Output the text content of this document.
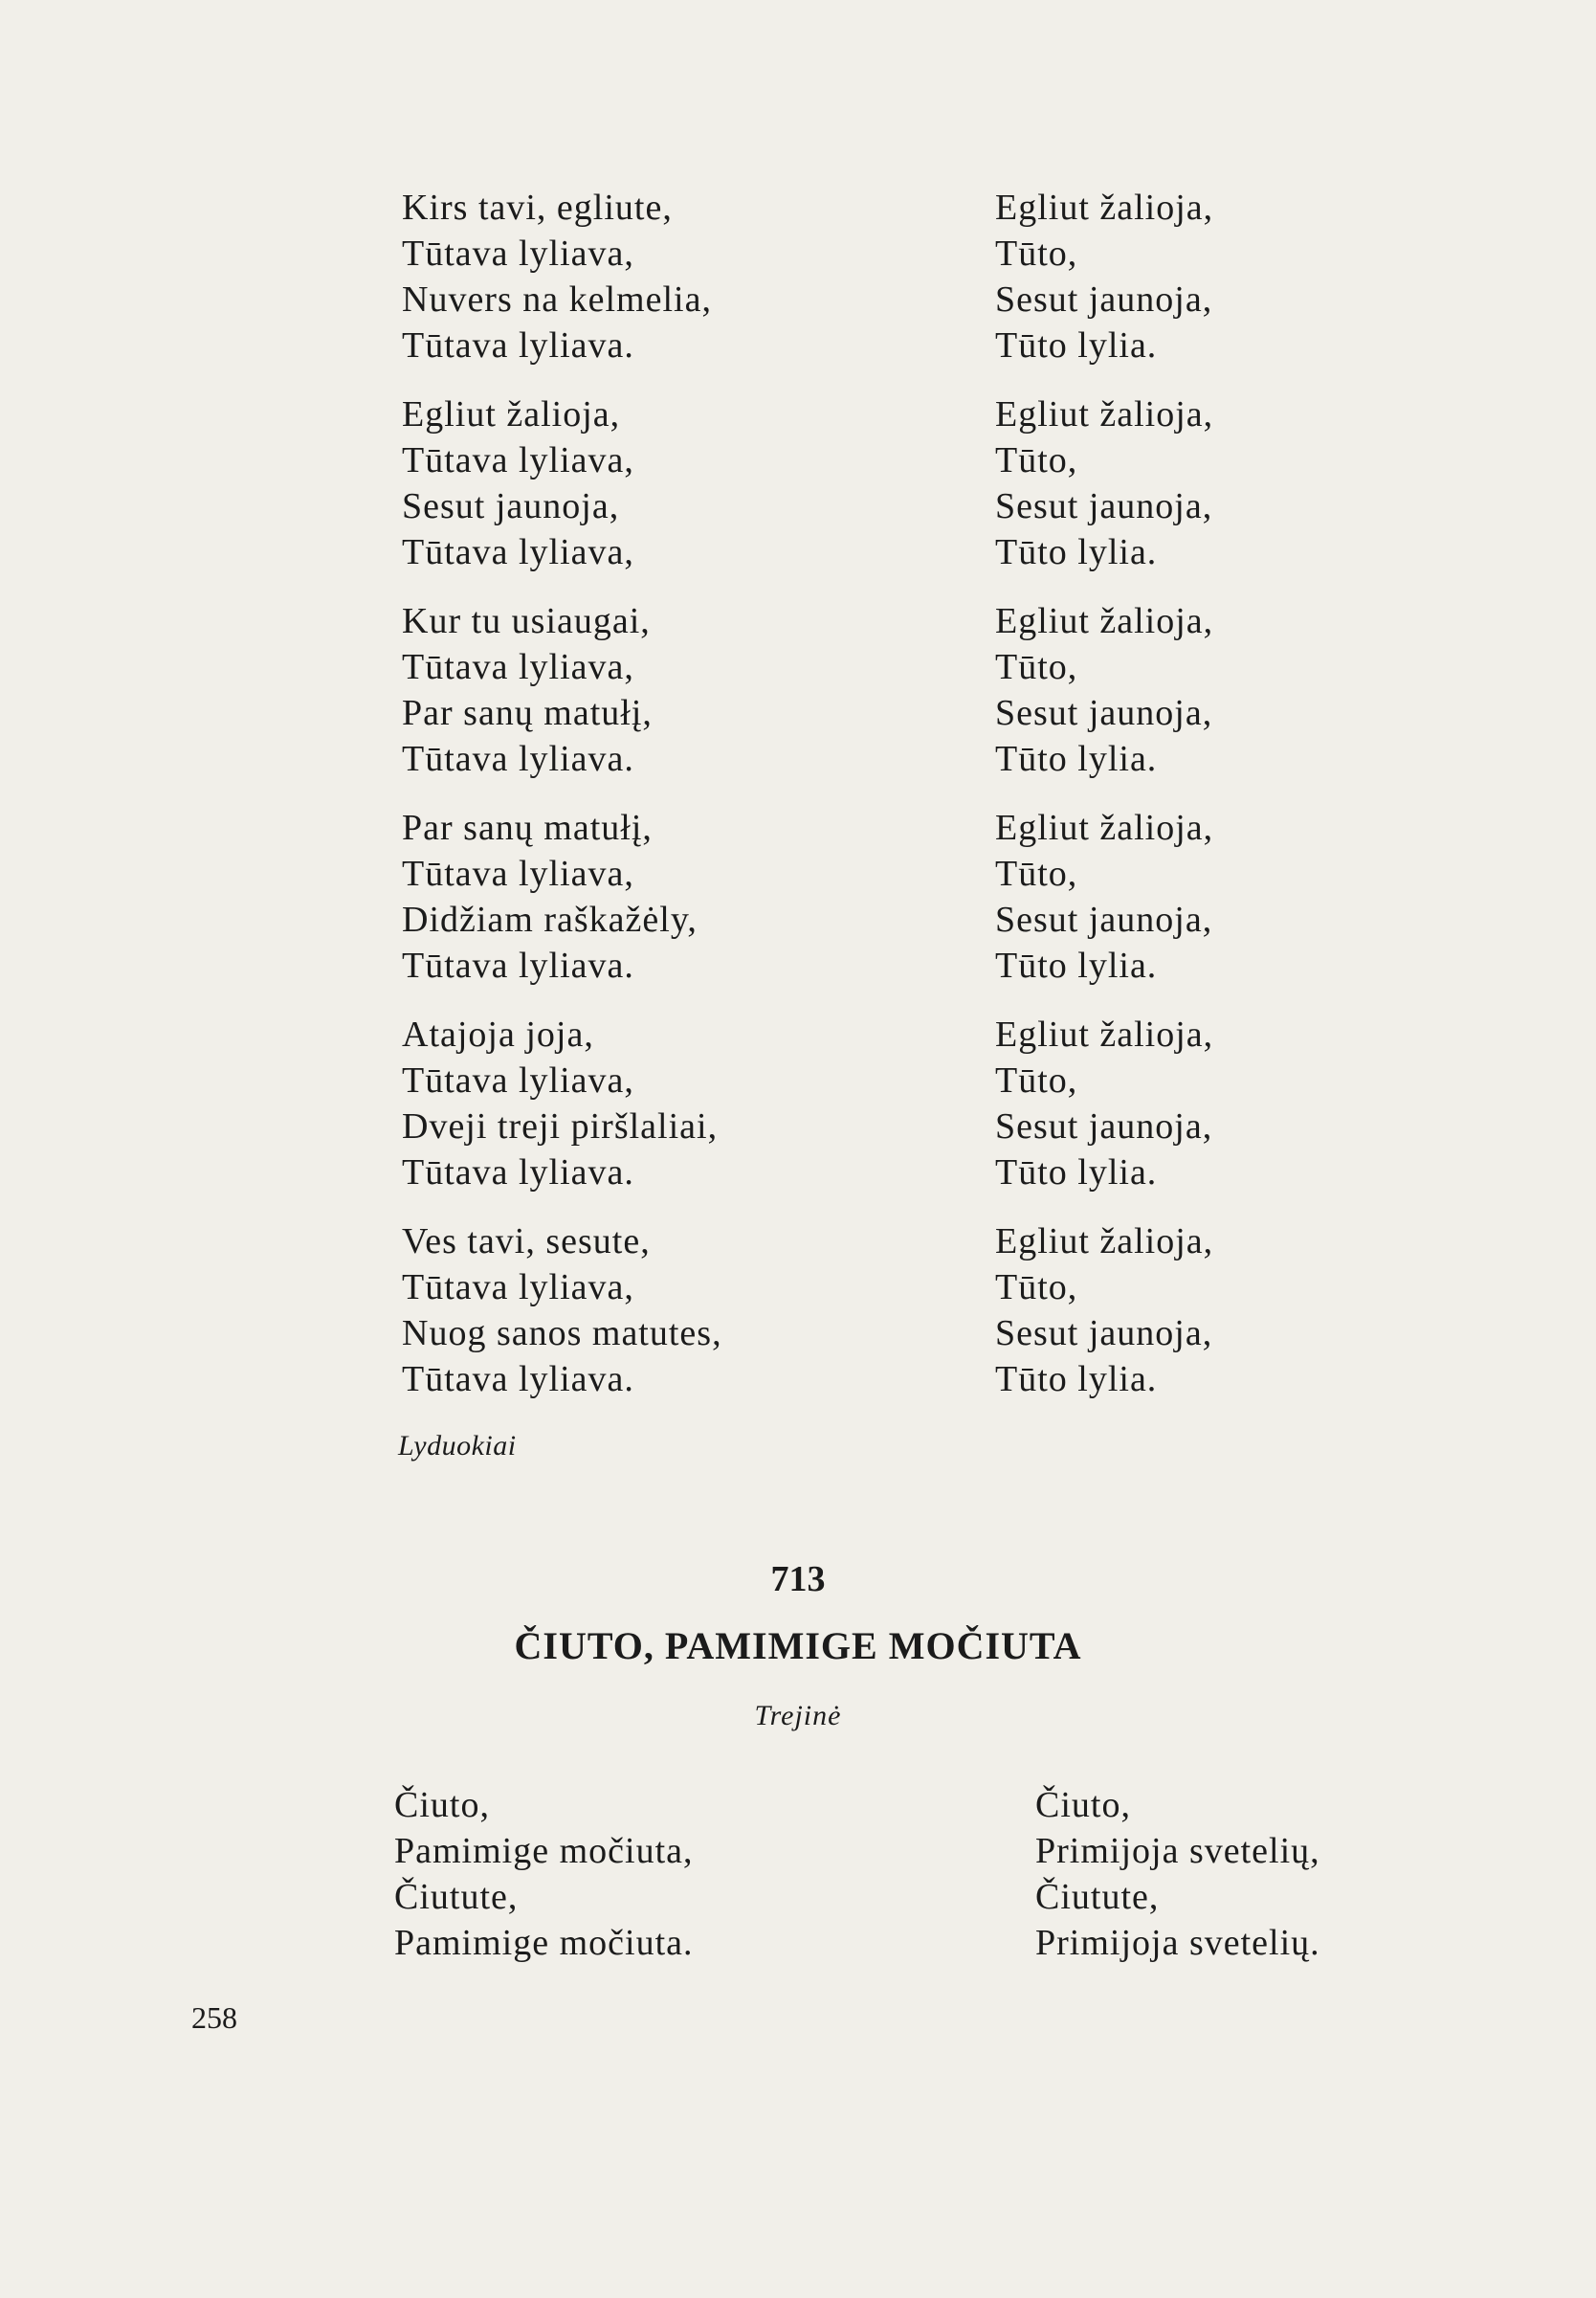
Kirs tavi, egliute,
Tūtava lyliava,
Nuvers na kelmelia,
Tūtava lyliava.
Egliut žalioja,
Tūtava lyliava,
Sesut jaunoja,
Tūtava lyliava,
Kur tu usiaugai,
Tūtava lyliava,
Par sanų matułį,
Tūtava lyliava.
Par sanų matułį,
Tūtava lyliava,
Didžiam raškažėly,
Tūtava lyliava.
Atajoja joja,
Tūtava lyliava,
Dveji treji piršlaliai,
Tūtava lyliava.
Ves tavi, sesute,
Tūtava lyliava,
Nuog sanos matutes,
Tūtava lyliava.
Egliut žalioja,
Tūto,
Sesut jaunoja,
Tūto lylia.
Egliut žalioja,
Tūto,
Sesut jaunoja,
Tūto lylia.
Egliut žalioja,
Tūto,
Sesut jaunoja,
Tūto lylia.
Egliut žalioja,
Tūto,
Sesut jaunoja,
Tūto lylia.
Egliut žalioja,
Tūto,
Sesut jaunoja,
Tūto lylia.
Egliut žalioja,
Tūto,
Sesut jaunoja,
Tūto lylia.
Lyduokiai
713
ČIUTO, PAMIMIGE MOČIUTA
Trejinė
Čiuto,
Pamimige močiuta,
Čiutute,
Pamimige močiuta.
Čiuto,
Primijoja svetelių,
Čiutute,
Primijoja svetelių.
258
